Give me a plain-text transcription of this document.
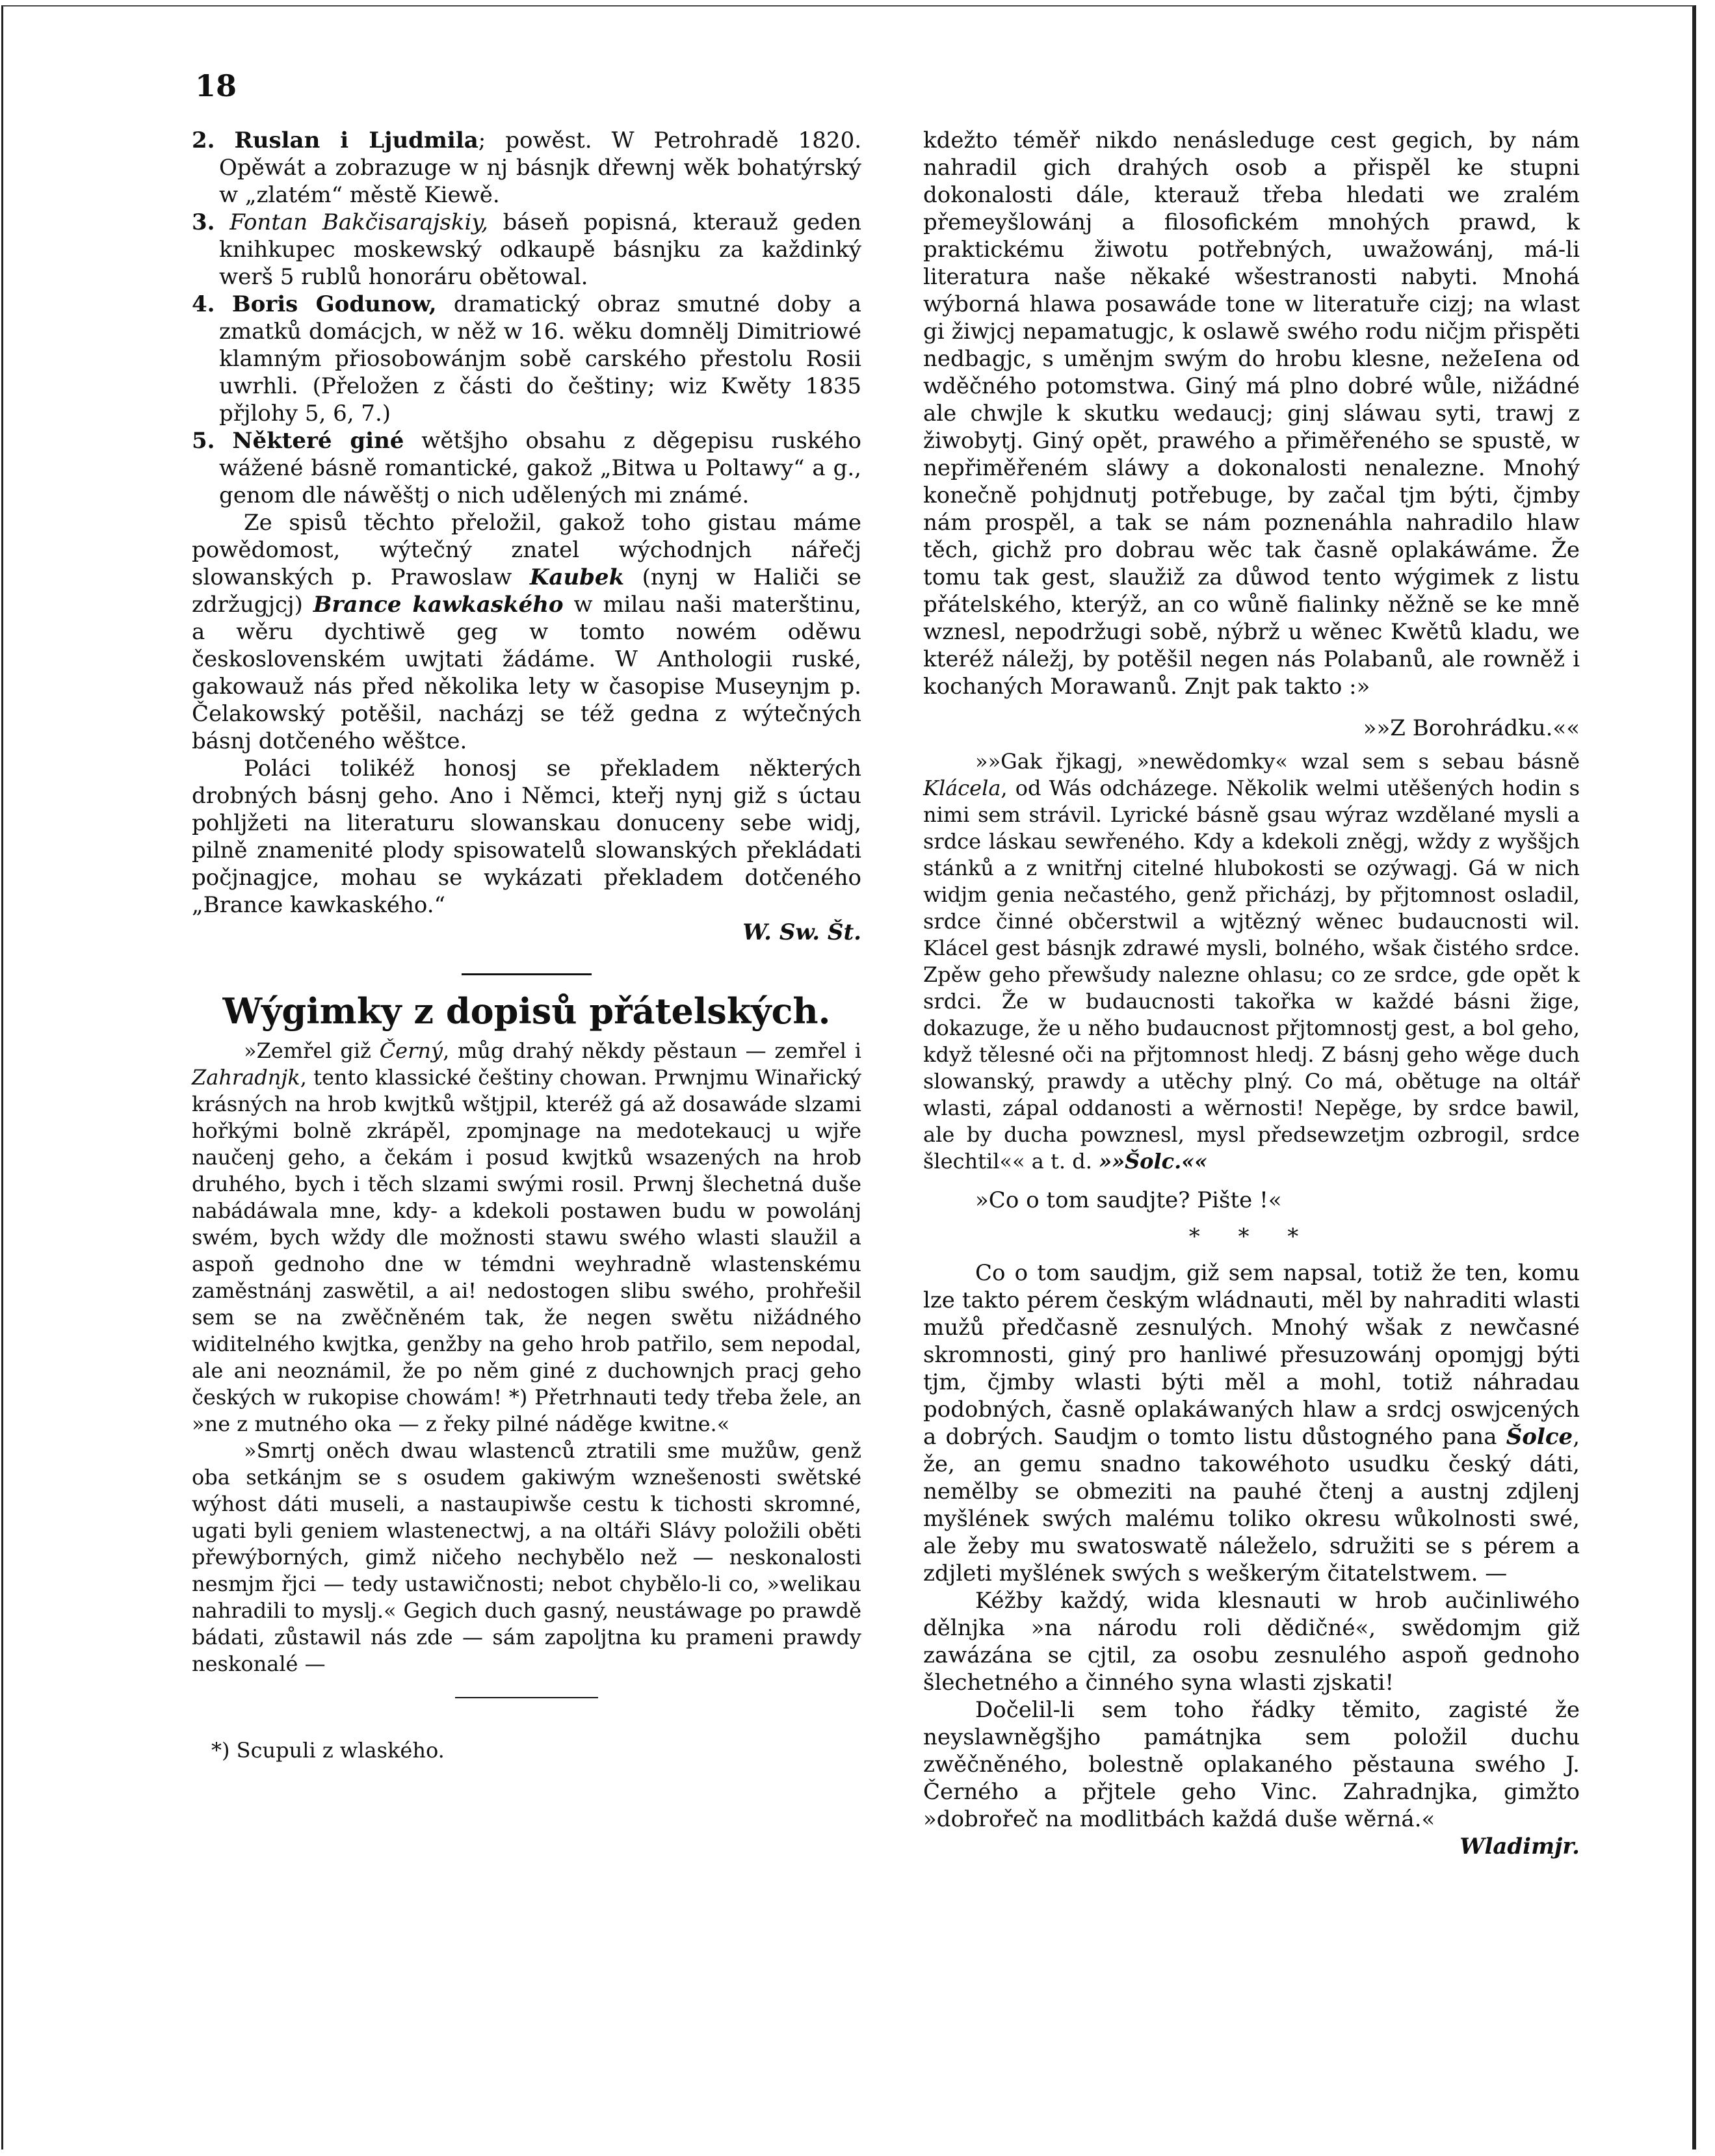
18

2. Ruslan i Ljudmila; powěst. W Petrohradě 1820. Opěwát a zobrazuge w nj básnjk dřewnj wěk bohatýrský w „zlatém“ městě Kiewě.

3. Fontan Bakčisarajskiy, báseň popisná, kterauž geden knihkupec moskewský odkaupě básnjku za každinký werš 5 rublů honoráru obětowal.

4. Boris Godunow, dramatický obraz smutné doby a zmatků domácjch, w něž w 16. wěku domnělj Dimitriowé klamným přiosobowánjm sobě carského přestolu Rosii uwrhli. (Přeložen z části do češtiny; wiz Kwěty 1835 přjlohy 5, 6, 7.)

5. Některé giné wětšjho obsahu z děgepisu ruského wážené básně romantické, gakož „Bitwa u Poltawy“ a g., genom dle náwěštj o nich udělených mi známé.

Ze spisů těchto přeložil, gakož toho gistau máme powědomost, wýtečný znatel wýchodnjch nářečj slowanských p. Prawoslaw Kaubek (nynj w Haliči se zdržugjcj) Brance kawkaského w milau naši materštinu, a wěru dychtiwě geg w tomto nowém oděwu československém uwjtati žádáme. W Anthologii ruské, gakowauž nás před několika lety w časopise Museynjm p. Čelakowský potěšil, nacházj se též gedna z wýtečných básnj dotčeného wěštce.

Poláci tolikéž honosj se překladem některých drobných básnj geho. Ano i Němci, kteřj nynj giž s úctau pohljžeti na literaturu slowanskau donuceny sebe widj, pilně znamenité plody spisowatelů slowanských překládati počjnagjce, mohau se wykázati překladem dotčeného „Brance kawkaského.“

W. Sw. Št.

Wýgimky z dopisů přátelských.

»Zemřel giž Černý, můg drahý někdy pěstaun — zemřel i Zahradnjk, tento klassické češtiny chowan. Prwnjmu Winařický krásných na hrob kwjtků wštjpil, kteréž gá až dosawáde slzami hořkými bolně zkrápěl, zpomjnage na medotekaucj u wjře naučenj geho, a čekám i posud kwjtků wsazených na hrob druhého, bych i těch slzami swými rosil. Prwnj šlechetná duše nabádáwala mne, kdy- a kdekoli postawen budu w powolánj swém, bych wždy dle možnosti stawu swého wlasti slaužil a aspoň gednoho dne w témdni weyhradně wlastenskému zaměstnánj zaswětil, a ai! nedostogen slibu swého, prohřešil sem se na zwěčněném tak, že negen swětu nižádného widitelného kwjtka, genžby na geho hrob patřilo, sem nepodal, ale ani neoznámil, že po něm giné z duchownjch pracj geho českých w rukopise chowám! *) Přetrhnauti tedy třeba žele, an »ne z mutného oka — z řeky pilné náděge kwitne.«

»Smrtj oněch dwau wlastenců ztratili sme mužůw, genž oba setkánjm se s osudem gakiwým wznešenosti swětské wýhost dáti museli, a nastaupiwše cestu k tichosti skromné, ugati byli geniem wlastenectwj, a na oltáři Slávy položili oběti přewýborných, gimž ničeho nechybělo než — neskonalosti nesmjm řjci — tedy ustawičnosti; nebot chybělo-li co, »welikau nahradili to myslj.« Gegich duch gasný, neustáwage po prawdě bádati, zůstawil nás zde — sám zapoljtna ku prameni prawdy neskonalé —

*) Scupuli z wlaského.

kdežto téměř nikdo nenásledugе cest gegich, by nám nahradil gich drahých osob a přispěl ke stupni dokonalosti dále, kterauž třeba hledati we zralém přemeyšlowánj a filosofickém mnohých prawd, k praktickému žiwotu potřebných, uwažowánj, má-li literatura naše někaké wšestranosti nabyti. Mnohá wýborná hlawa posawáde tone w literatuře cizj; na wlast gi žiwjcj nepamatugjc, k oslawě swého rodu ničjm přispěti nedbagjc, s uměnjm swým do hrobu klesne, nežeIena od wděčného potomstwa. Giný má plno dobré wůle, nižádné ale chwjle k skutku wedaucj; ginj sláwau syti, trawj z žiwobytj. Giný opět, prawého a přiměřeného se spustě, w nepřiměřeném sláwy a dokonalosti nenalezne. Mnohý konečně pohjdnutj potřebuge, by začal tjm býti, čjmby nám prospěl, a tak se nám poznenáhla nahradilo hlaw těch, gichž pro dobrau wěc tak časně oplakáwáme. Že tomu tak gest, slaužiž za důwod tento wýgimek z listu přátelského, kterýž, an co wůně fialinky něžně se ke mně wznesl, nepodržugi sobě, nýbrž u wěnec Kwětů kladu, we kteréž náležj, by potěšil negen nás Polabanů, ale rowněž i kochaných Morawanů. Znjt pak takto :»

»»Z Borohrádku.««

»»Gak řjkagj, »newědomky« wzal sem s sebau básně Klácela, od Wás odcházege. Několik welmi utěšených hodin s nimi sem strávil. Lyrické básně gsau wýraz wzdělané mysli a srdce láskau sewřeného. Kdy a kdekoli zněgj, wždy z wyššjch stánků a z wnitřnj citelné hlubokosti se ozýwagj. Gá w nich widjm genia nečastého, genž přicházj, by přjtomnost osladil, srdce činné občerstwil a wjtězný wěnec budaucnosti wil. Klácel gest básnjk zdrawé mysli, bolného, wšak čistého srdce. Zpěw geho přewšudy nalezne ohlasu; co ze srdce, gde opět k srdci. Že w budaucnosti takořka w každé básni žige, dokazuge, že u něho budaucnost přjtomnostj gest, a bol geho, když tělesné oči na přjtomnost hledj. Z básnj geho wěge duch slowanský, prawdy a utěchy plný. Co má, obětuge na oltář wlasti, zápal oddanosti a wěrnosti! Nepěge, by srdce bawil, ale by ducha powznesl, mysl předsewzetjm ozbrogil, srdce šlechtil«« a t. d. »»Šolc.««

»Co o tom saudjte? Pište !«

* * *

Co o tom saudjm, giž sem napsal, totiž že ten, komu lze takto pérem českým wládnauti, měl by nahraditi wlasti mužů předčasně zesnulých. Mnohý wšak z newčasné skromnosti, giný pro hanliwé přesuzowánj opomjgj býti tjm, čjmby wlasti býti měl a mohl, totiž náhradau podobných, časně oplakáwaných hlaw a srdcj oswjcených a dobrých. Saudjm o tomto listu důstogného pana Šolce, že, an gemu snadno takowéhoto usudku český dáti, nemělby se obmeziti na pauhé čtenj a austnj zdjlenj myšlének swých malému toliko okresu wůkolnosti swé, ale žeby mu swatoswatě náleželo, sdružiti se s pérem a zdjleti myšlének swých s weškerým čitatelstwem. —

Kéžby každý, wida klesnauti w hrob aučinliwého dělnjka »na národu roli dědičné«, swědomjm giž zawázána se cjtil, za osobu zesnulého aspoň gednoho šlechetného a činného syna wlasti zjskati!

Dočelil-li sem toho řádky těmito, zagisté že neyslawněgšjho památnjka sem položil duchu zwěčněného, bolestně oplakaného pěstauna swého J. Černého a přjtele geho Vinc. Zahradnjka, gimžto »dobrořeč na modlitbách každá duše wěrná.«

Wladimjr.
